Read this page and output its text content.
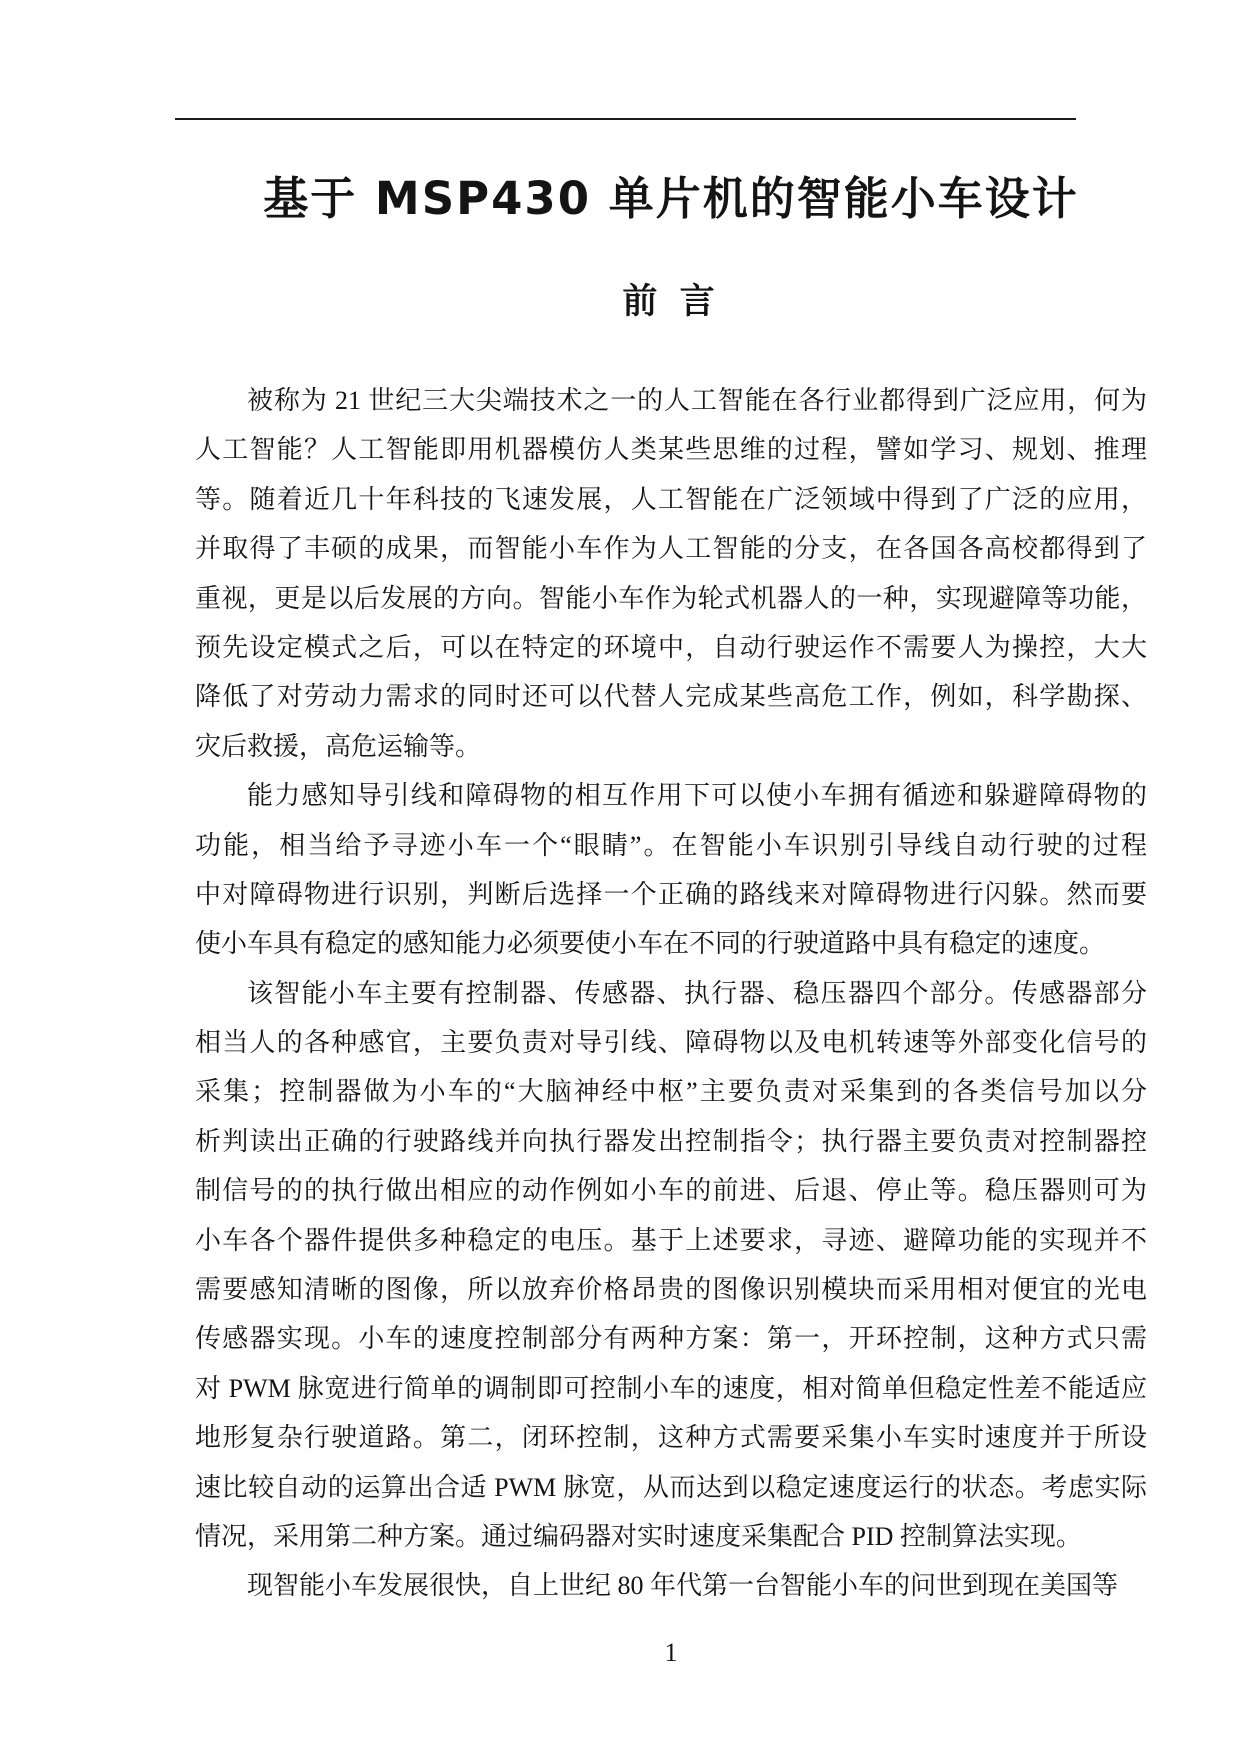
基于 MSP430 单片机的智能小车设计
前 言
被称为 21 世纪三大尖端技术之一的人工智能在各行业都得到广泛应用，何为
人工智能？人工智能即用机器模仿人类某些思维的过程，譬如学习、规划、推理
等。随着近几十年科技的飞速发展，人工智能在广泛领域中得到了广泛的应用，
并取得了丰硕的成果，而智能小车作为人工智能的分支，在各国各高校都得到了
重视，更是以后发展的方向。智能小车作为轮式机器人的一种，实现避障等功能，
预先设定模式之后，可以在特定的环境中，自动行驶运作不需要人为操控，大大
降低了对劳动力需求的同时还可以代替人完成某些高危工作，例如，科学勘探、
灾后救援，高危运输等。
能力感知导引线和障碍物的相互作用下可以使小车拥有循迹和躲避障碍物的
功能，相当给予寻迹小车一个“眼睛”。在智能小车识别引导线自动行驶的过程
中对障碍物进行识别，判断后选择一个正确的路线来对障碍物进行闪躲。然而要
使小车具有稳定的感知能力必须要使小车在不同的行驶道路中具有稳定的速度。
该智能小车主要有控制器、传感器、执行器、稳压器四个部分。传感器部分
相当人的各种感官，主要负责对导引线、障碍物以及电机转速等外部变化信号的
采集；控制器做为小车的“大脑神经中枢”主要负责对采集到的各类信号加以分
析判读出正确的行驶路线并向执行器发出控制指令；执行器主要负责对控制器控
制信号的的执行做出相应的动作例如小车的前进、后退、停止等。稳压器则可为
小车各个器件提供多种稳定的电压。基于上述要求，寻迹、避障功能的实现并不
需要感知清晰的图像，所以放弃价格昂贵的图像识别模块而采用相对便宜的光电
传感器实现。小车的速度控制部分有两种方案：第一，开环控制，这种方式只需
对 PWM 脉宽进行简单的调制即可控制小车的速度，相对简单但稳定性差不能适应
地形复杂行驶道路。第二，闭环控制，这种方式需要采集小车实时速度并于所设
速比较自动的运算出合适 PWM 脉宽，从而达到以稳定速度运行的状态。考虑实际
情况，采用第二种方案。通过编码器对实时速度采集配合 PID 控制算法实现。
现智能小车发展很快，自上世纪 80 年代第一台智能小车的问世到现在美国等
1
